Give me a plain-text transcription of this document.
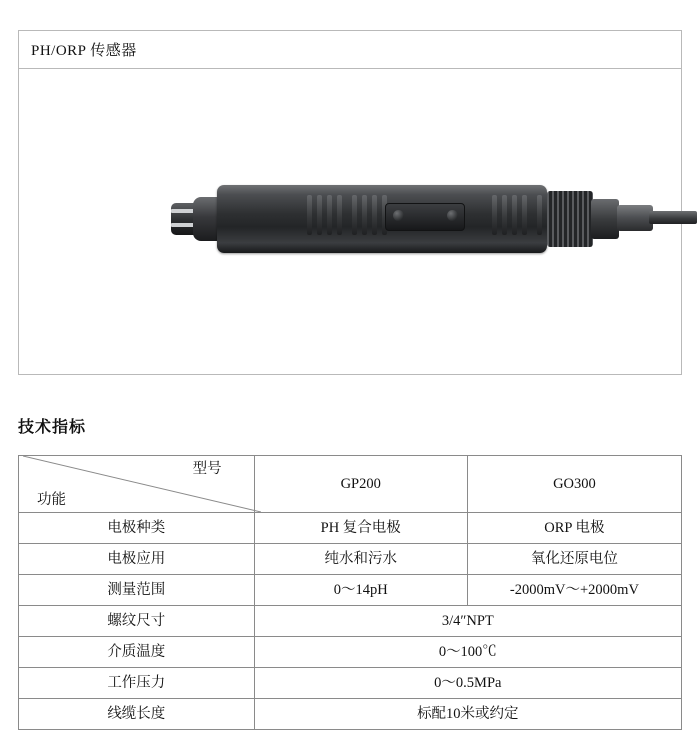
PH/ORP 传感器
技术指标
型号
功能	GP200	GO300
电极种类	PH 复合电极	ORP 电极
电极应用	纯水和污水	氧化还原电位
测量范围	0～14pH	-2000mV～+2000mV
螺纹尺寸	3/4″NPT	
介质温度	0～100℃	
工作压力	0～0.5MPa	
线缆长度	标配10米或约定	
